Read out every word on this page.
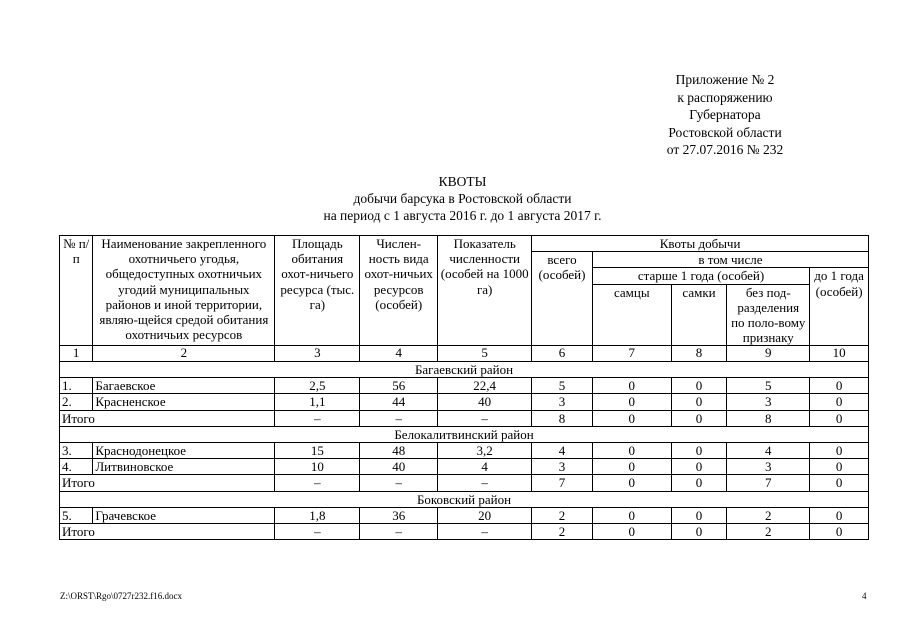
Приложение № 2
к распоряжению
Губернатора
Ростовской области
от 27.07.2016 № 232
КВОТЫ
добычи барсука в Ростовской области
на период с 1 августа 2016 г. до 1 августа 2017 г.
№ п/п	Наименование закрепленного охотничьего угодья, общедоступных охотничьих угодий муниципальных районов и иной территории, являю-щейся средой обитания охотничьих ресурсов	Площадь обитания охот-ничьего ресурса (тыс. га)	Числен-ность вида охот-ничьих ресурсов (особей)	Показатель численности (особей на 1000 га)	Квоты добычи				
					всего (особей)	в том числе			
						старше 1 года (особей)			до 1 года (особей)
						самцы	самки	без под-разделения по поло-вому признаку	
1	2	3	4	5	6	7	8	9	10
Багаевский район									
1.	Багаевское	2,5	56	22,4	5	0	0	5	0
2.	Красненское	1,1	44	40	3	0	0	3	0
Итого		–	–	–	8	0	0	8	0
Белокалитвинский район									
3.	Краснодонецкое	15	48	3,2	4	0	0	4	0
4.	Литвиновское	10	40	4	3	0	0	3	0
Итого		–	–	–	7	0	0	7	0
Боковский район									
5.	Грачевское	1,8	36	20	2	0	0	2	0
Итого		–	–	–	2	0	0	2	0
Z:\ORST\Rgo\0727r232.f16.docx	4
